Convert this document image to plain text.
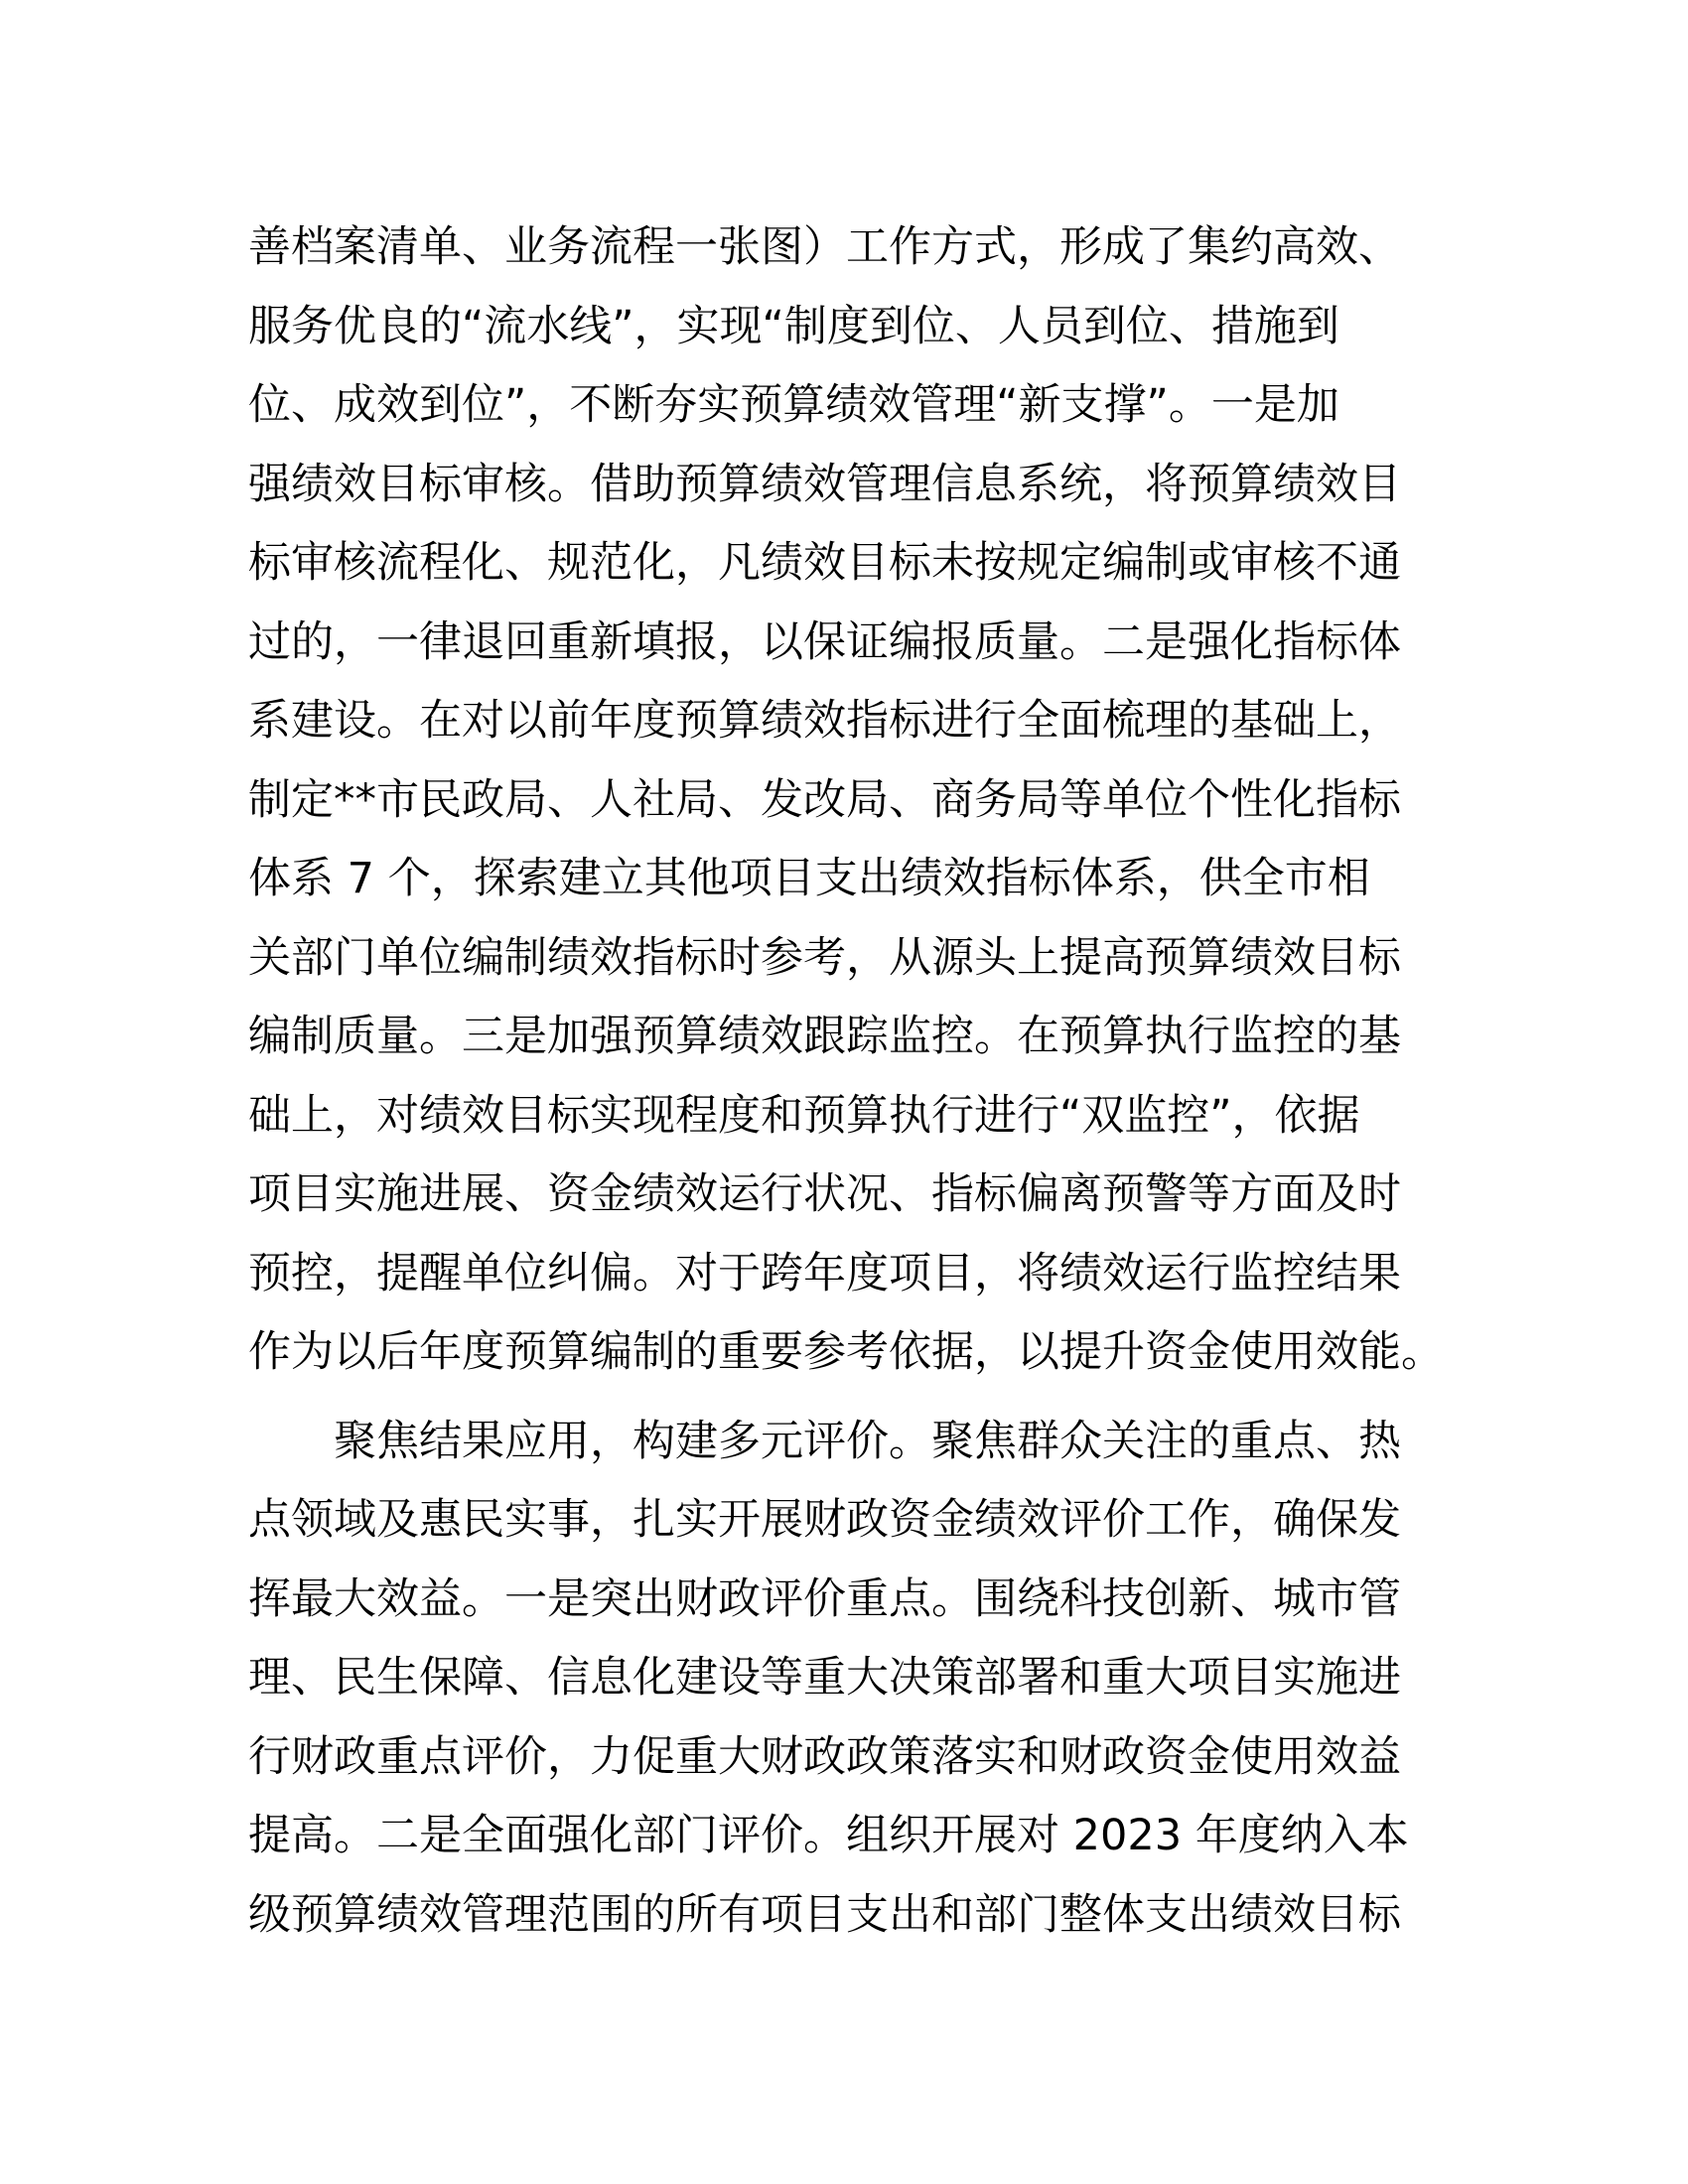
善档案清单、业务流程一张图）工作方式，形成了集约高效、
服务优良的“流水线”，实现“制度到位、人员到位、措施到
位、成效到位”，不断夯实预算绩效管理“新支撑”。一是加
强绩效目标审核。借助预算绩效管理信息系统，将预算绩效目
标审核流程化、规范化，凡绩效目标未按规定编制或审核不通
过的，一律退回重新填报，以保证编报质量。二是强化指标体
系建设。在对以前年度预算绩效指标进行全面梳理的基础上，
制定**市民政局、人社局、发改局、商务局等单位个性化指标
体系 7 个，探索建立其他项目支出绩效指标体系，供全市相
关部门单位编制绩效指标时参考，从源头上提高预算绩效目标
编制质量。三是加强预算绩效跟踪监控。在预算执行监控的基
础上，对绩效目标实现程度和预算执行进行“双监控”，依据
项目实施进展、资金绩效运行状况、指标偏离预警等方面及时
预控，提醒单位纠偏。对于跨年度项目，将绩效运行监控结果
作为以后年度预算编制的重要参考依据，以提升资金使用效能。
　　聚焦结果应用，构建多元评价。聚焦群众关注的重点、热
点领域及惠民实事，扎实开展财政资金绩效评价工作，确保发
挥最大效益。一是突出财政评价重点。围绕科技创新、城市管
理、民生保障、信息化建设等重大决策部署和重大项目实施进
行财政重点评价，力促重大财政政策落实和财政资金使用效益
提高。二是全面强化部门评价。组织开展对 2023 年度纳入本
级预算绩效管理范围的所有项目支出和部门整体支出绩效目标
